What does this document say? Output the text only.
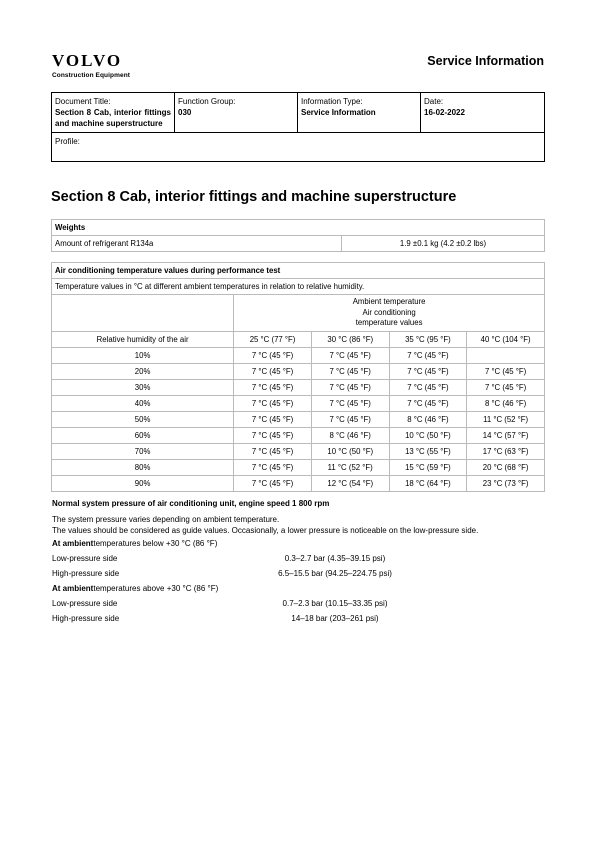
VOLVO
Construction Equipment
Service Information
Document Title:
Section 8 Cab, interior fittings and machine superstructure
	Function Group:
030
	Information Type:
Service Information
	Date:
16-02-2022

Profile:
Section 8 Cab, interior fittings and machine superstructure
Weights
Amount of refrigerant R134a	1.9 ±0.1 kg (4.2 ±0.2 lbs)
Air conditioning temperature values during performance test				
Temperature values in °C at different ambient temperatures in relation to relative humidity.				

	Ambient temperature
Air conditioning
temperature values			

Relative humidity of the air	25 °C (77 °F)	30 °C (86 °F)	35 °C (95 °F)	40 °C (104 °F)
10%	7 °C (45 °F)	7 °C (45 °F)	7 °C (45 °F)	
20%	7 °C (45 °F)	7 °C (45 °F)	7 °C (45 °F)	7 °C (45 °F)
30%	7 °C (45 °F)	7 °C (45 °F)	7 °C (45 °F)	7 °C (45 °F)
40%	7 °C (45 °F)	7 °C (45 °F)	7 °C (45 °F)	8 °C (46 °F)
50%	7 °C (45 °F)	7 °C (45 °F)	8 °C (46 °F)	11 °C (52 °F)
60%	7 °C (45 °F)	8 °C (46 °F)	10 °C (50 °F)	14 °C (57 °F)
70%	7 °C (45 °F)	10 °C (50 °F)	13 °C (55 °F)	17 °C (63 °F)
80%	7 °C (45 °F)	11 °C (52 °F)	15 °C (59 °F)	20 °C (68 °F)
90%	7 °C (45 °F)	12 °C (54 °F)	18 °C (64 °F)	23 °C (73 °F)
Normal system pressure of air conditioning unit, engine speed 1 800 rpm
The system pressure varies depending on ambient temperature.
The values should be considered as guide values. Occasionally, a lower pressure is noticeable on the low-pressure side.
At ambient temperatures below +30 °C (86 °F)
Low-pressure side	0.3–2.7 bar (4.35–39.15 psi)
High-pressure side	6.5–15.5 bar (94.25–224.75 psi)
At ambient temperatures above +30 °C (86 °F)
Low-pressure side	0.7–2.3 bar (10.15–33.35 psi)
High-pressure side	14–18 bar (203–261 psi)
